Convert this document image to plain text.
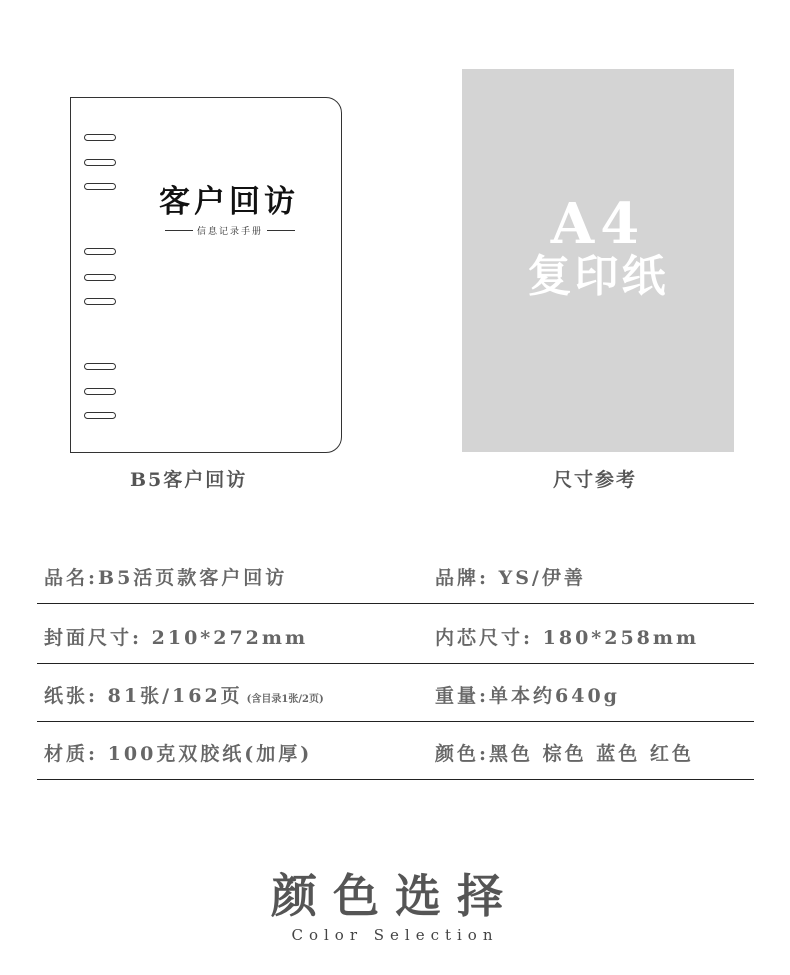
客户回访
信息记录手册
B5客户回访
A4
复印纸
尺寸参考
品名:B5活页款客户回访	品牌: YS/伊善
封面尺寸: 210*272mm	内芯尺寸: 180*258mm
纸张: 81张/162页 (含目录1张/2页)	重量:单本约640g
材质: 100克双胶纸(加厚)	颜色:黑色 棕色 蓝色 红色
颜色选择
Color Selection
